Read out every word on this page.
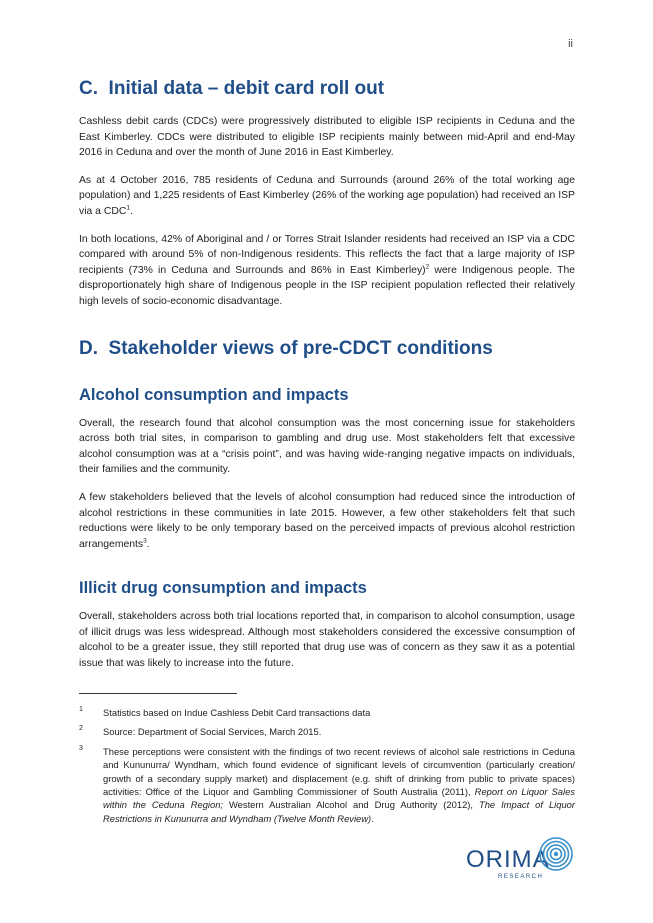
ii
C.  Initial data – debit card roll out

Cashless debit cards (CDCs) were progressively distributed to eligible ISP recipients in Ceduna and the East Kimberley. CDCs were distributed to eligible ISP recipients mainly between mid-April and end-May 2016 in Ceduna and over the month of June 2016 in East Kimberley.

As at 4 October 2016, 785 residents of Ceduna and Surrounds (around 26% of the total working age population) and 1,225 residents of East Kimberley (26% of the working age population) had received an ISP via a CDC$^1$.

In both locations, 42% of Aboriginal and / or Torres Strait Islander residents had received an ISP via a CDC compared with around 5% of non-Indigenous residents. This reflects the fact that a large majority of ISP recipients (73% in Ceduna and Surrounds and 86% in East Kimberley)$^2$ were Indigenous people. The disproportionately high share of Indigenous people in the ISP recipient population reflected their relatively high levels of socio-economic disadvantage.

D.  Stakeholder views of pre-CDCT conditions
Alcohol consumption and impacts

Overall, the research found that alcohol consumption was the most concerning issue for stakeholders across both trial sites, in comparison to gambling and drug use. Most stakeholders felt that excessive alcohol consumption was at a “crisis point”, and was having wide-ranging negative impacts on individuals, their families and the community.

A few stakeholders believed that the levels of alcohol consumption had reduced since the introduction of alcohol restrictions in these communities in late 2015. However, a few other stakeholders felt that such reductions were likely to be only temporary based on the perceived impacts of previous alcohol restriction arrangements$^3$.

Illicit drug consumption and impacts

Overall, stakeholders across both trial locations reported that, in comparison to alcohol consumption, usage of illicit drugs was less widespread. Although most stakeholders considered the excessive consumption of alcohol to be a greater issue, they still reported that drug use was of concern as they saw it as a potential issue that was likely to increase into the future.

1 Statistics based on Indue Cashless Debit Card transactions data
2 Source: Department of Social Services, March 2015.
3 These perceptions were consistent with the findings of two recent reviews of alcohol sale restrictions in Ceduna and Kununurra/ Wyndham, which found evidence of significant levels of circumvention (particularly creation/ growth of a secondary supply market) and displacement (e.g. shift of drinking from public to private spaces) activities: Office of the Liquor and Gambling Commissioner of South Australia (2011), Report on Liquor Sales within the Ceduna Region; Western Australian Alcohol and Drug Authority (2012), The Impact of Liquor Restrictions in Kununurra and Wyndham (Twelve Month Review).
ORIMA
RESEARCH
